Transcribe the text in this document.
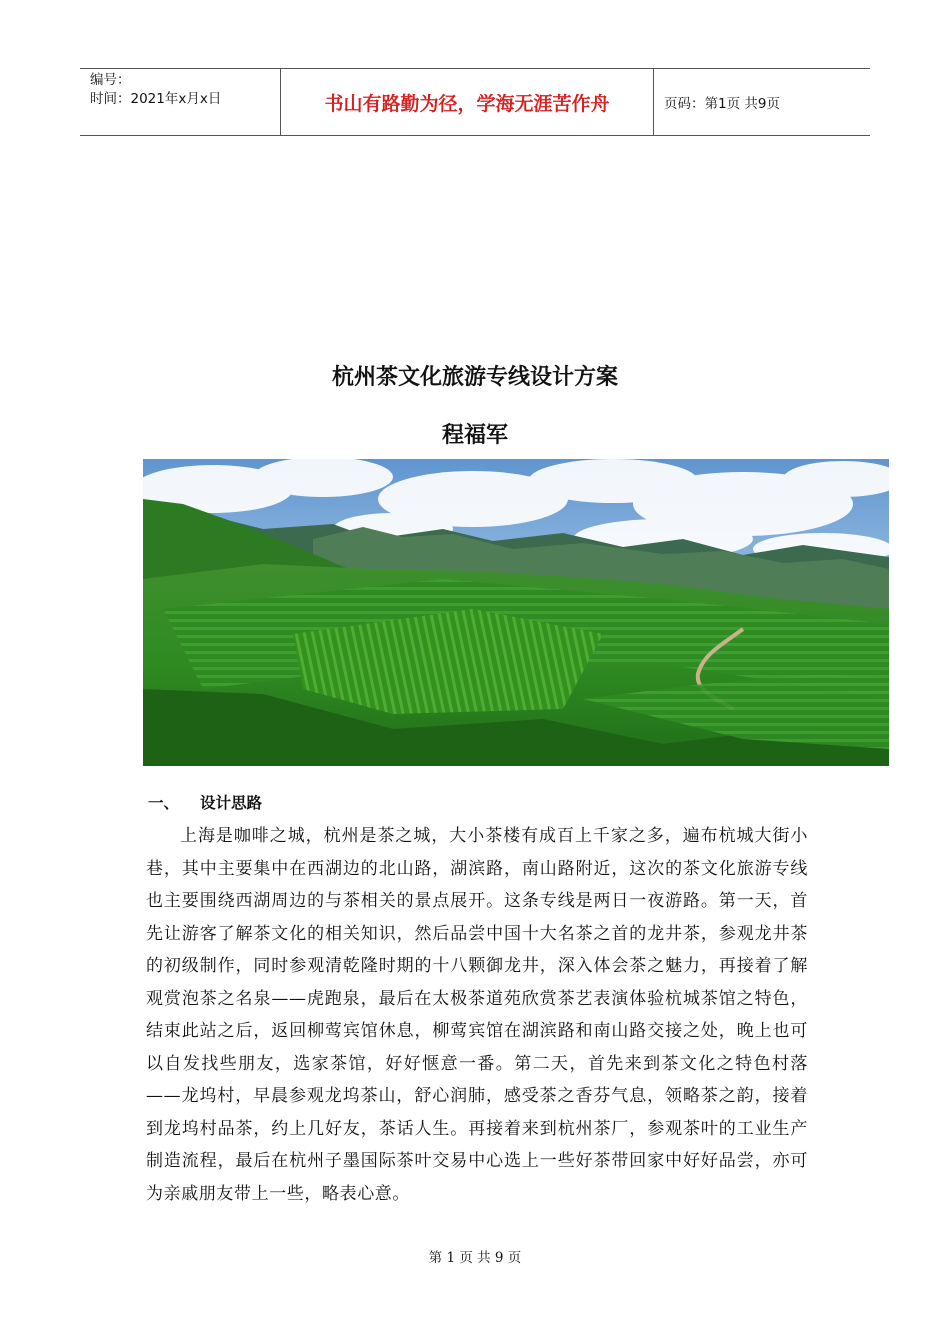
编号：
时间：2021年x月x日	书山有路勤为径，学海无涯苦作舟	页码：第1页 共9页
杭州茶文化旅游专线设计方案
程福军
一、 设计思路
上海是咖啡之城，杭州是茶之城，大小茶楼有成百上千家之多，遍布杭城大街小巷，其中主要集中在西湖边的北山路，湖滨路，南山路附近，这次的茶文化旅游专线也主要围绕西湖周边的与茶相关的景点展开。这条专线是两日一夜游路。第一天，首先让游客了解茶文化的相关知识，然后品尝中国十大名茶之首的龙井茶，参观龙井茶的初级制作，同时参观清乾隆时期的十八颗御龙井，深入体会茶之魅力，再接着了解观赏泡茶之名泉——虎跑泉，最后在太极茶道苑欣赏茶艺表演体验杭城茶馆之特色，结束此站之后，返回柳莺宾馆休息，柳莺宾馆在湖滨路和南山路交接之处，晚上也可以自发找些朋友，选家茶馆，好好惬意一番。第二天，首先来到茶文化之特色村落——龙坞村，早晨参观龙坞茶山，舒心润肺，感受茶之香芬气息，领略茶之韵，接着到龙坞村品茶，约上几好友，茶话人生。再接着来到杭州茶厂，参观茶叶的工业生产制造流程，最后在杭州子墨国际茶叶交易中心选上一些好茶带回家中好好品尝，亦可为亲戚朋友带上一些，略表心意。
第 1 页 共 9 页
